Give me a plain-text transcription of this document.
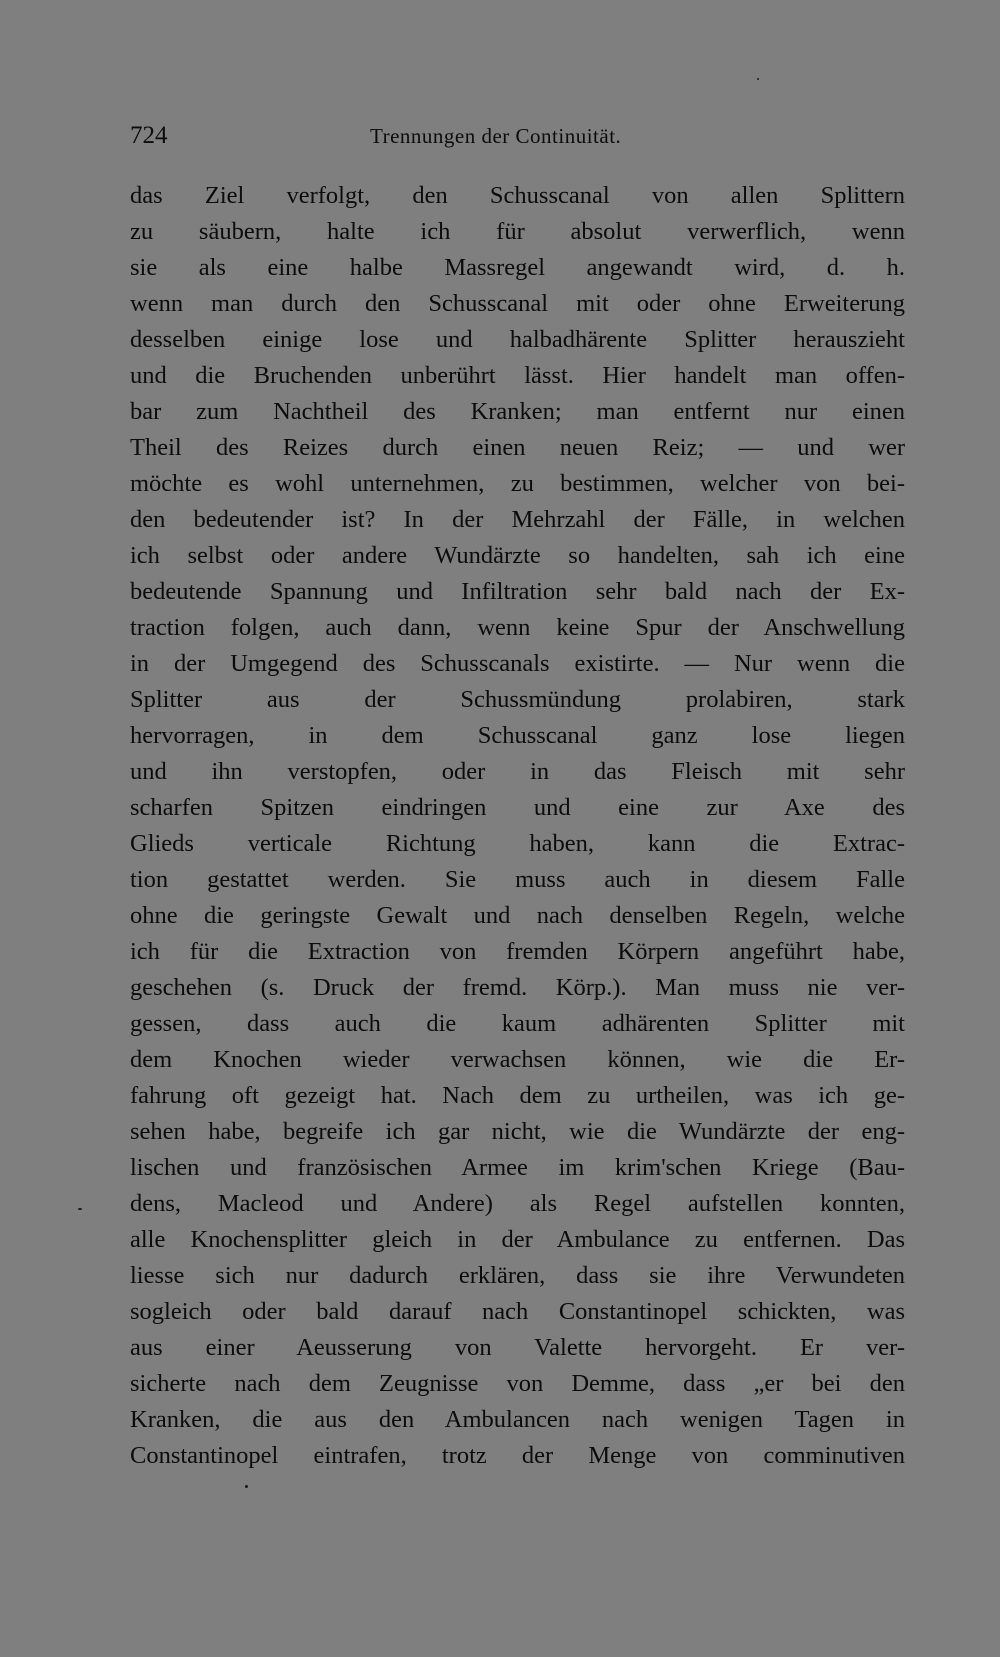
724	Trennungen der Continuität.
das Ziel verfolgt, den Schusscanal von allen Splittern
zu säubern, halte ich für absolut verwerflich, wenn
sie als eine halbe Massregel angewandt wird, d. h.
wenn man durch den Schusscanal mit oder ohne Erweiterung
desselben einige lose und halbadhärente Splitter herauszieht
und die Bruchenden unberührt lässt. Hier handelt man offen-
bar zum Nachtheil des Kranken; man entfernt nur einen
Theil des Reizes durch einen neuen Reiz; — und wer
möchte es wohl unternehmen, zu bestimmen, welcher von bei-
den bedeutender ist? In der Mehrzahl der Fälle, in welchen
ich selbst oder andere Wundärzte so handelten, sah ich eine
bedeutende Spannung und Infiltration sehr bald nach der Ex-
traction folgen, auch dann, wenn keine Spur der Anschwellung
in der Umgegend des Schusscanals existirte. — Nur wenn die
Splitter aus der Schussmündung prolabiren, stark
hervorragen, in dem Schusscanal ganz lose liegen
und ihn verstopfen, oder in das Fleisch mit sehr
scharfen Spitzen eindringen und eine zur Axe des
Glieds verticale Richtung haben, kann die Extrac-
tion gestattet werden. Sie muss auch in diesem Falle
ohne die geringste Gewalt und nach denselben Regeln, welche
ich für die Extraction von fremden Körpern angeführt habe,
geschehen (s. Druck der fremd. Körp.). Man muss nie ver-
gessen, dass auch die kaum adhärenten Splitter mit
dem Knochen wieder verwachsen können, wie die Er-
fahrung oft gezeigt hat. Nach dem zu urtheilen, was ich ge-
sehen habe, begreife ich gar nicht, wie die Wundärzte der eng-
lischen und französischen Armee im krim'schen Kriege (Bau-
dens, Macleod und Andere) als Regel aufstellen konnten,
alle Knochensplitter gleich in der Ambulance zu entfernen. Das
liesse sich nur dadurch erklären, dass sie ihre Verwundeten
sogleich oder bald darauf nach Constantinopel schickten, was
aus einer Aeusserung von Valette hervorgeht. Er ver-
sicherte nach dem Zeugnisse von Demme, dass „er bei den
Kranken, die aus den Ambulancen nach wenigen Tagen in
Constantinopel eintrafen, trotz der Menge von comminutiven
